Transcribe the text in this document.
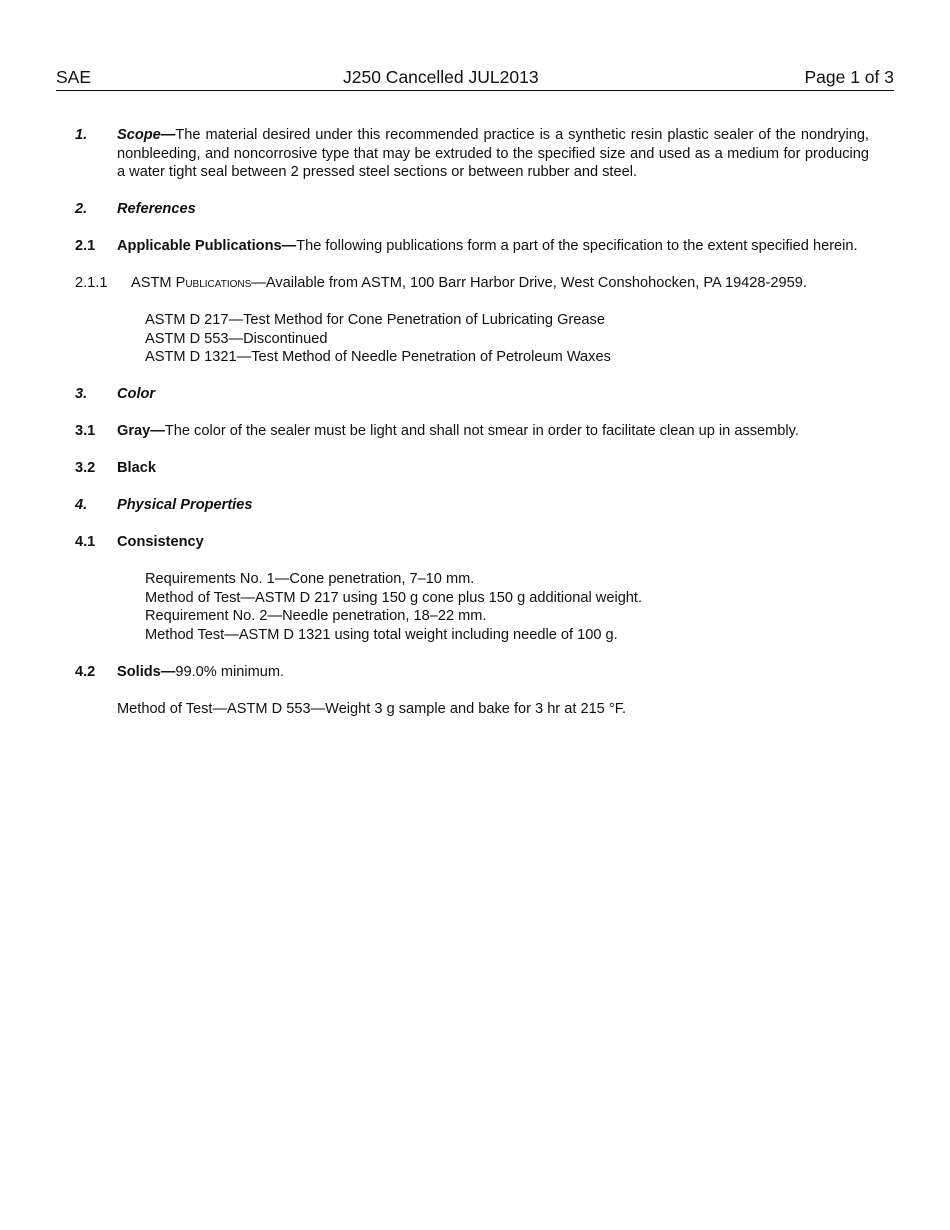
SAE	J250 Cancelled JUL2013	Page 1 of 3
1.	Scope—The material desired under this recommended practice is a synthetic resin plastic sealer of the nondrying, nonbleeding, and noncorrosive type that may be extruded to the specified size and used as a medium for producing a water tight seal between 2 pressed steel sections or between rubber and steel.
2.	References
2.1	Applicable Publications—The following publications form a part of the specification to the extent specified herein.
2.1.1	ASTM Publications—Available from ASTM, 100 Barr Harbor Drive, West Conshohocken, PA 19428-2959.
ASTM D 217—Test Method for Cone Penetration of Lubricating Grease
ASTM D 553—Discontinued
ASTM D 1321—Test Method of Needle Penetration of Petroleum Waxes
3.	Color
3.1	Gray—The color of the sealer must be light and shall not smear in order to facilitate clean up in assembly.
3.2	Black
4.	Physical Properties
4.1	Consistency
Requirements No. 1—Cone penetration, 7–10 mm.
Method of Test—ASTM D 217 using 150 g cone plus 150 g additional weight.
Requirement No. 2—Needle penetration, 18–22 mm.
Method Test—ASTM D 1321 using total weight including needle of 100 g.
4.2	Solids—99.0% minimum.
Method of Test—ASTM D 553—Weight 3 g sample and bake for 3 hr at 215 °F.
